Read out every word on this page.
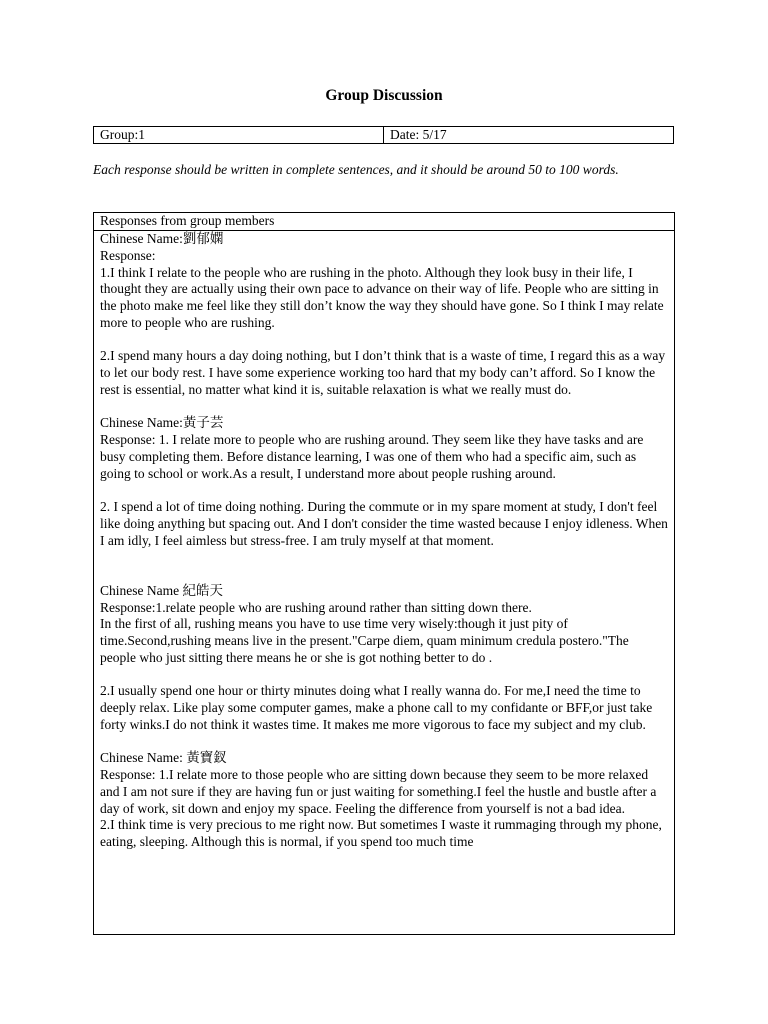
Group Discussion
Group:1	Date: 5/17
Each response should be written in complete sentences, and it should be around 50 to 100 words.
Responses from group members

Chinese Name:劉郁嫻

Response:

1.I think I relate to the people who are rushing in the photo. Although they look busy in their life, I thought they are actually using their own pace to advance on their way of life. People who are sitting in the photo make me feel like they still don’t know the way they should have gone. So I think I may relate more to people who are rushing.

2.I spend many hours a day doing nothing, but I don’t think that is a waste of time, I regard this as a way to let our body rest. I have some experience working too hard that my body can’t afford. So I know the rest is essential, no matter what kind it is, suitable relaxation is what we really must do.

Chinese Name:黃子芸

Response: 1. I relate more to people who are rushing around. They seem like they have tasks and are busy completing them. Before distance learning, I was one of them who had a specific aim, such as going to school or work.As a result, I understand more about people rushing around.

2. I spend a lot of time doing nothing. During the commute or in my spare moment at study, I don't feel like doing anything but spacing out. And I don't consider the time wasted because I enjoy idleness. When I am idly, I feel aimless but stress-free. I am truly myself at that moment.

Chinese Name 紀皓天

Response:1.relate people who are rushing around rather than sitting down there.

In the first of all, rushing means you have to use time very wisely:though it just pity of time.Second,rushing means live in the present."Carpe diem, quam minimum credula postero."The people who just sitting there means he or she is got nothing better to do .

2.I usually spend one hour or thirty minutes doing what I really wanna do. For me,I need the time to deeply relax. Like play some computer games, make a phone call to my confidante or BFF,or just take forty winks.I do not think it wastes time. It makes me more vigorous to face my subject and my club.

Chinese Name: 黃寶釵

Response: 1.I relate more to those people who are sitting down because they seem to be more relaxed and I am not sure if they are having fun or just waiting for something.I feel the hustle and bustle after a day of work, sit down and enjoy my space. Feeling the difference from yourself is not a bad idea.

2.I think time is very precious to me right now. But sometimes I waste it rummaging through my phone, eating, sleeping. Although this is normal, if you spend too much time
